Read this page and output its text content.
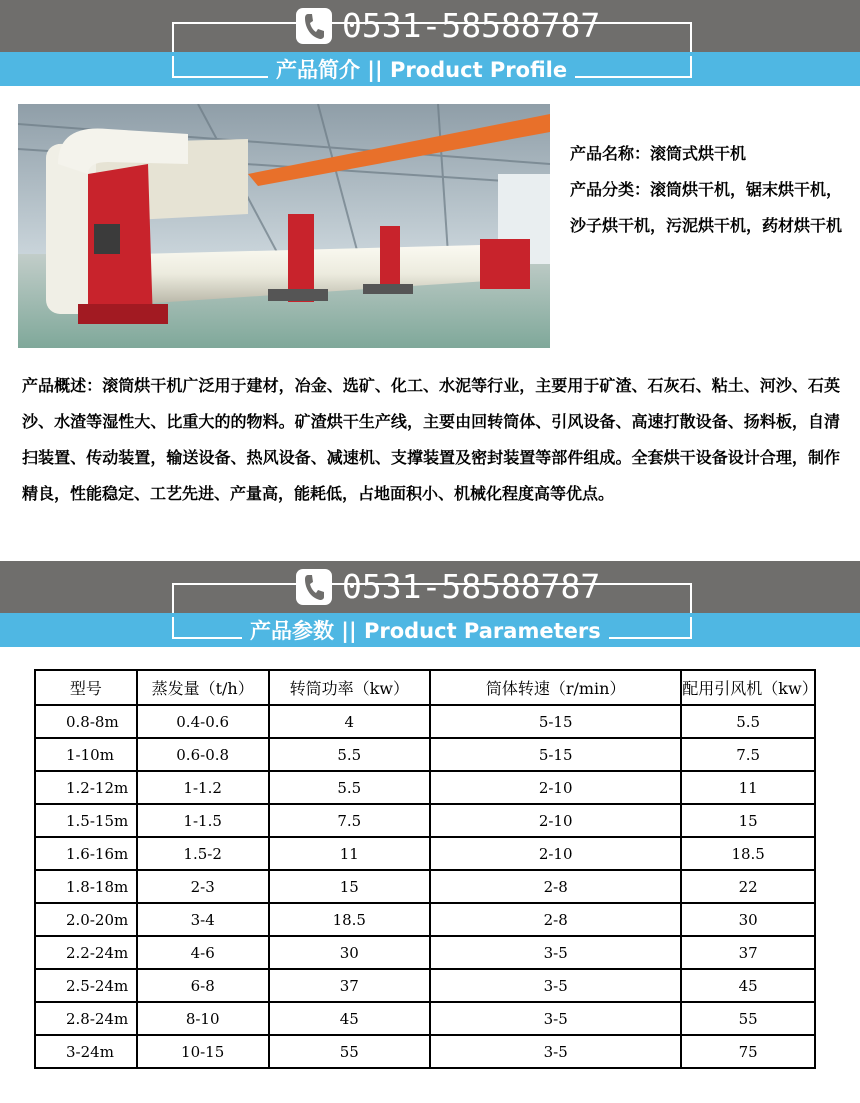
0531-58588787
产品简介 || Product Profile

产品名称：滚筒式烘干机

产品分类：滚筒烘干机，锯末烘干机，沙子烘干机，污泥烘干机，药材烘干机

产品概述：滚筒烘干机广泛用于建材，冶金、选矿、化工、水泥等行业，主要用于矿渣、石灰石、粘土、河沙、石英沙、水渣等湿性大、比重大的的物料。矿渣烘干生产线，主要由回转筒体、引风设备、高速打散设备、扬料板，自清扫装置、传动装置，输送设备、热风设备、减速机、支撑装置及密封装置等部件组成。全套烘干设备设计合理，制作精良，性能稳定、工艺先进、产量高，能耗低，占地面积小、机械化程度高等优点。
0531-58588787
产品参数 || Product Parameters
型号	蒸发量（t/h）	转筒功率（kw）	筒体转速（r/min）	配用引风机（kw）
0.8-8m	0.4-0.6	4	5-15	5.5
1-10m	0.6-0.8	5.5	5-15	7.5
1.2-12m	1-1.2	5.5	2-10	11
1.5-15m	1-1.5	7.5	2-10	15
1.6-16m	1.5-2	11	2-10	18.5
1.8-18m	2-3	15	2-8	22
2.0-20m	3-4	18.5	2-8	30
2.2-24m	4-6	30	3-5	37
2.5-24m	6-8	37	3-5	45
2.8-24m	8-10	45	3-5	55
3-24m	10-15	55	3-5	75
